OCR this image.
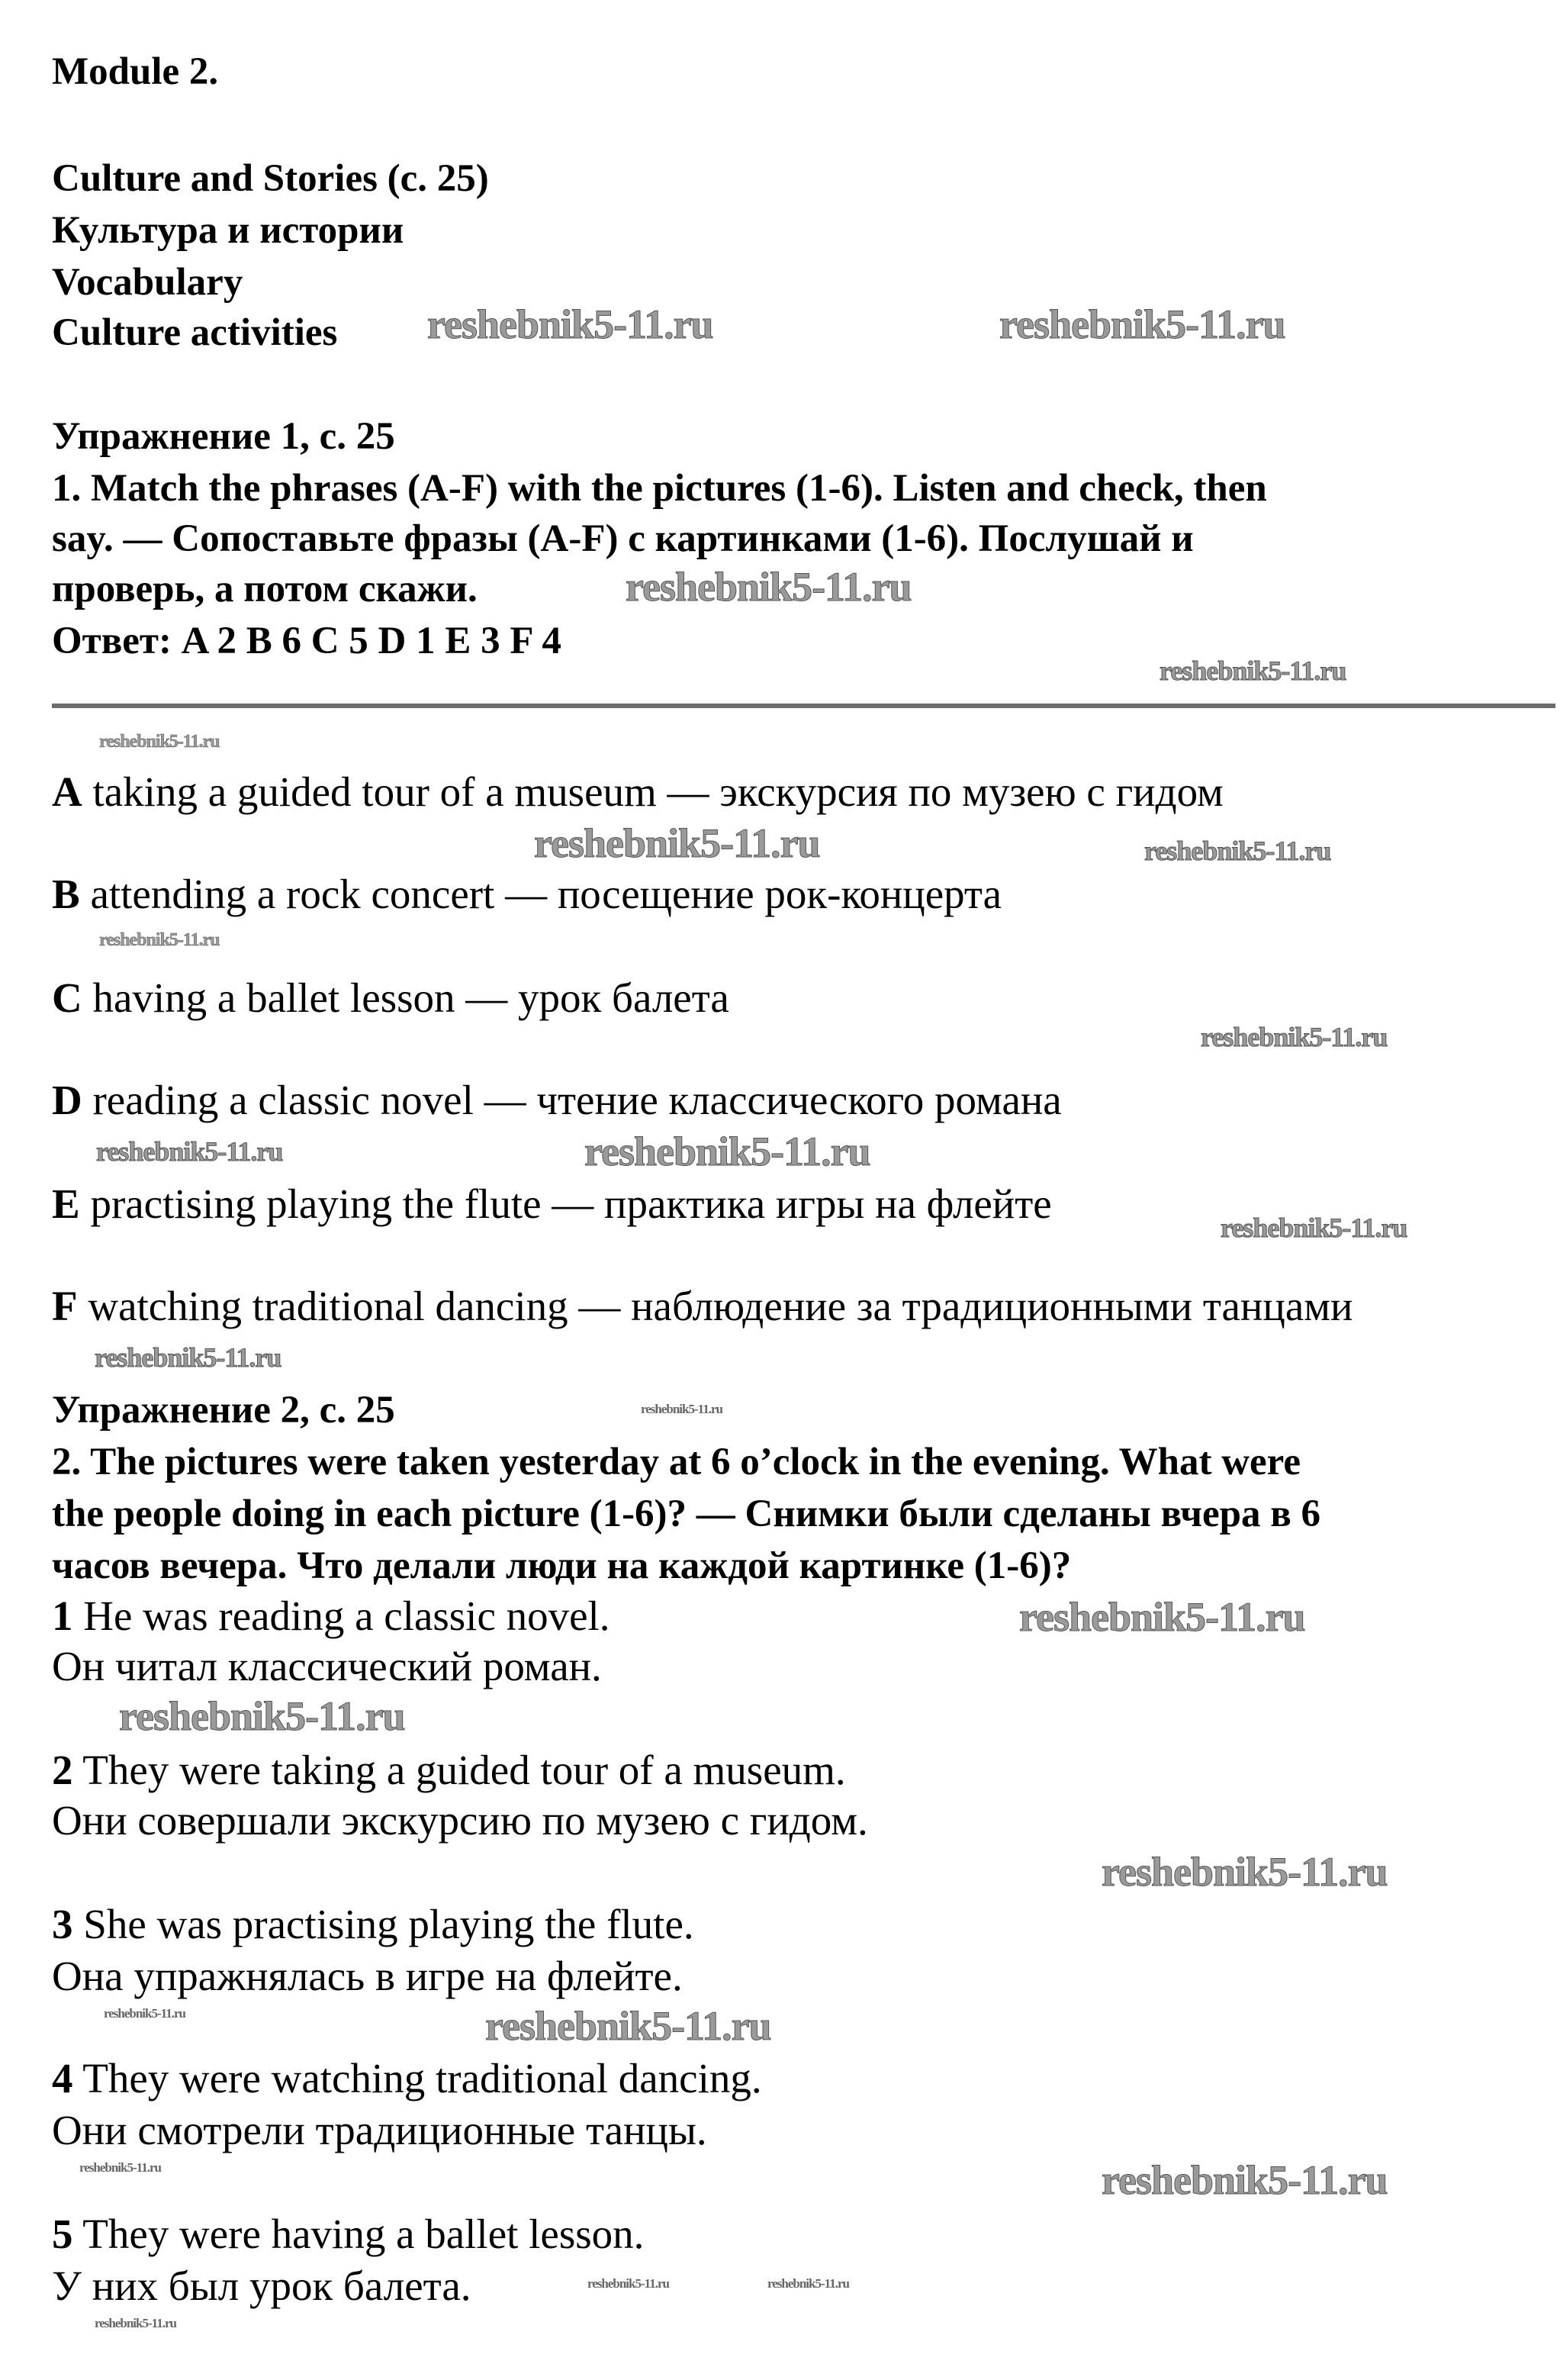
Module 2.
Culture and Stories (c. 25)
Культура и истории
Vocabulary
Culture activities
Упражнение 1, с. 25
1. Match the phrases (A-F) with the pictures (1-6). Listen and check, then
say. — Сопоставьте фразы (A-F) с картинками (1-6). Послушай и
проверь, а потом скажи.
Ответ: A 2 B 6 C 5 D 1 E 3 F 4
A taking a guided tour of a museum — экскурсия по музею с гидом
B attending a rock concert — посещение рок-концерта
C having a ballet lesson — урок балета
D reading a classic novel — чтение классического романа
E practising playing the flute — практика игры на флейте
F watching traditional dancing — наблюдение за традиционными танцами
Упражнение 2, с. 25
2. The pictures were taken yesterday at 6 o’clock in the evening. What were
the people doing in each picture (1-6)? — Снимки были сделаны вчера в 6
часов вечера. Что делали люди на каждой картинке (1-6)?
1 He was reading a classic novel.
Он читал классический роман.
2 They were taking a guided tour of a museum.
Они совершали экскурсию по музею с гидом.
3 She was practising playing the flute.
Она упражнялась в игре на флейте.
4 They were watching traditional dancing.
Они смотрели традиционные танцы.
5 They were having a ballet lesson.
У них был урок балета.
reshebnik5-11.ru	reshebnik5-11.ru
reshebnik5-11.ru
reshebnik5-11.ru
reshebnik5-11.ru
reshebnik5-11.ru
reshebnik5-11.ru
reshebnik5-11.ru
reshebnik5-11.ru
reshebnik5-11.ru
reshebnik5-11.ru
reshebnik5-11.ru
reshebnik5-11.ru
reshebnik5-11.ru
reshebnik5-11.ru
reshebnik5-11.ru
reshebnik5-11.ru
reshebnik5-11.ru
reshebnik5-11.ru
reshebnik5-11.ru
reshebnik5-11.ru
reshebnik5-11.ru
reshebnik5-11.ru	reshebnik5-11.ru
